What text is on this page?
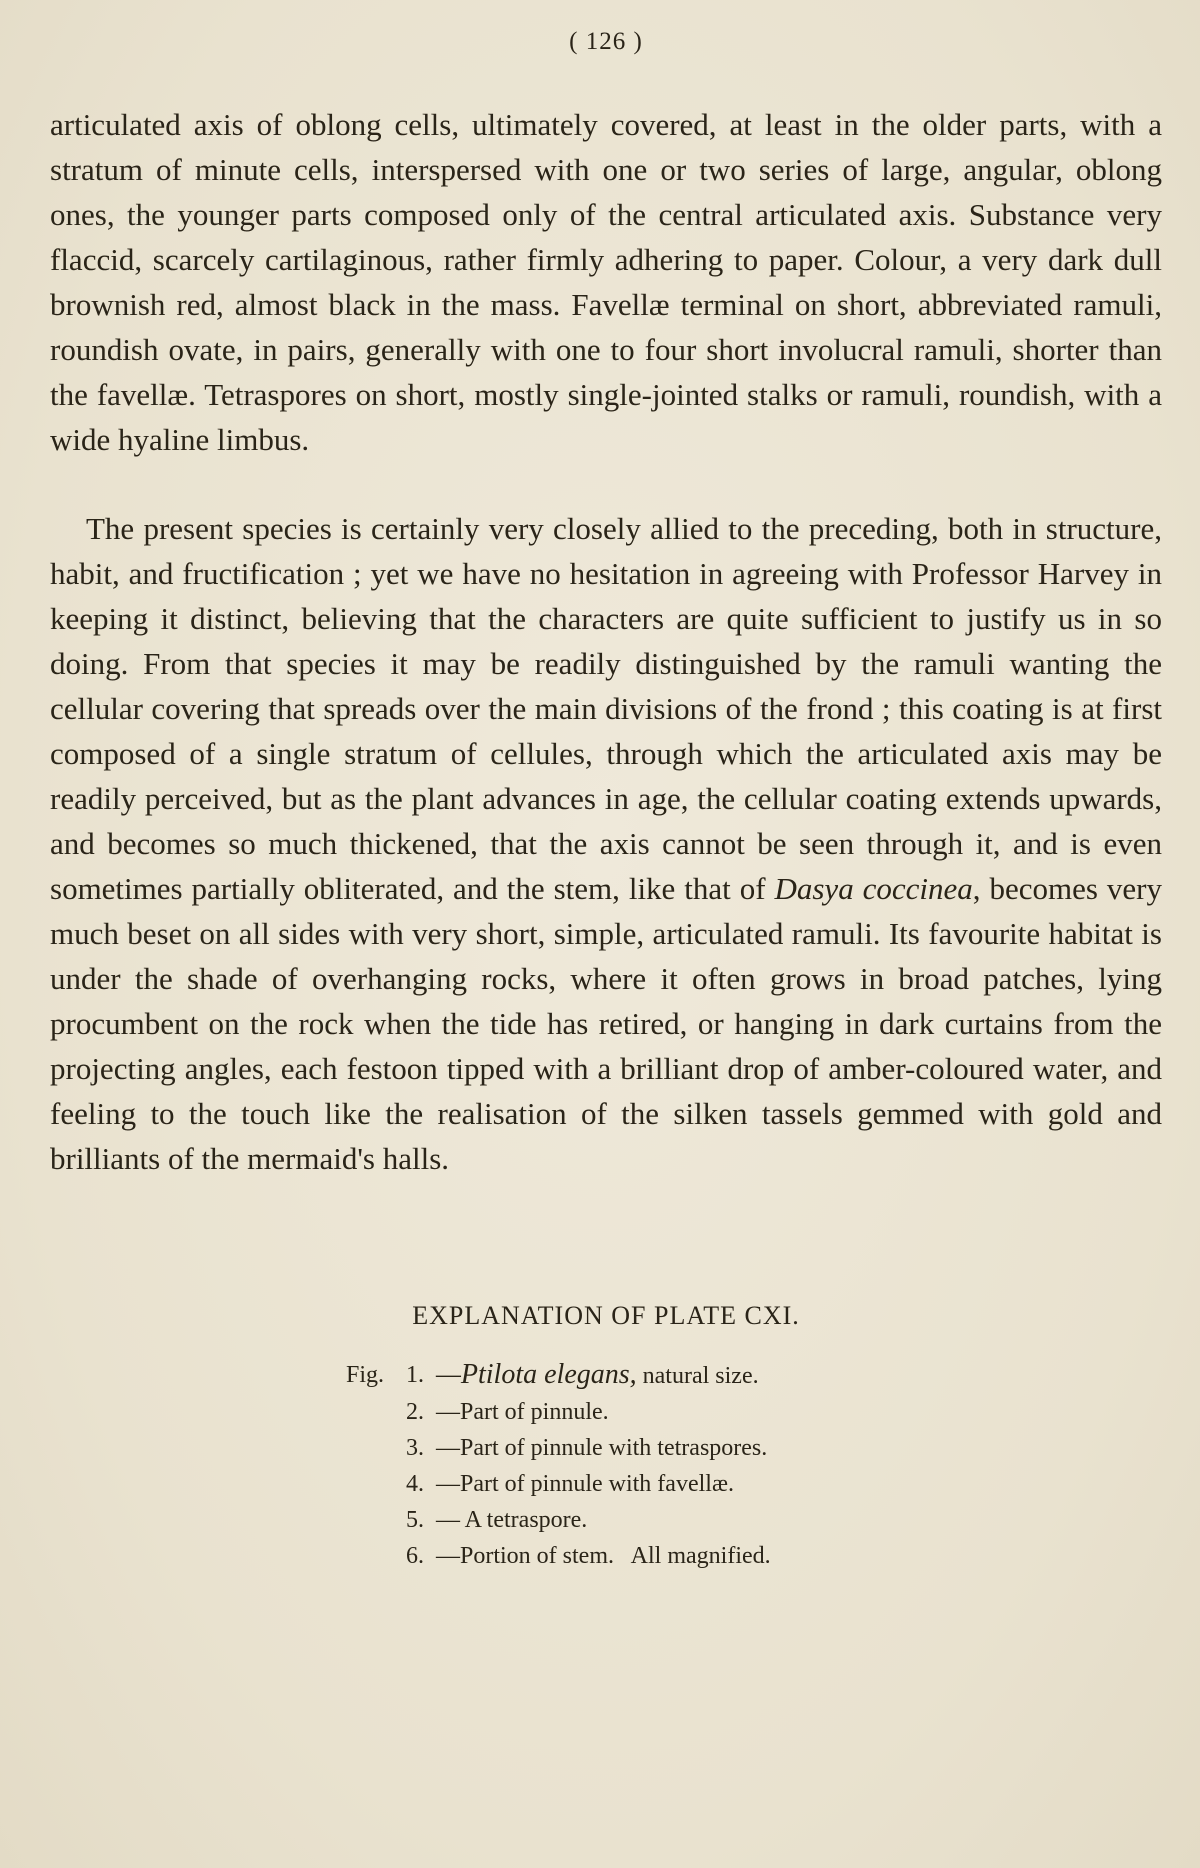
( 126 )

articulated axis of oblong cells, ultimately covered, at least in the older parts, with a stratum of minute cells, interspersed with one or two series of large, angular, oblong ones, the younger parts composed only of the central articulated axis. Substance very flaccid, scarcely cartilaginous, rather firmly adhering to paper. Colour, a very dark dull brownish red, almost black in the mass. Favellæ terminal on short, abbreviated ramuli, roundish ovate, in pairs, generally with one to four short involucral ramuli, shorter than the favellæ. Tetraspores on short, mostly single-jointed stalks or ramuli, roundish, with a wide hyaline limbus.

The present species is certainly very closely allied to the preceding, both in structure, habit, and fructification ; yet we have no hesitation in agreeing with Professor Harvey in keeping it distinct, believing that the characters are quite sufficient to justify us in so doing. From that species it may be readily distinguished by the ramuli wanting the cellular covering that spreads over the main divisions of the frond ; this coating is at first composed of a single stratum of cellules, through which the articulated axis may be readily perceived, but as the plant advances in age, the cellular coating extends upwards, and becomes so much thickened, that the axis cannot be seen through it, and is even sometimes partially obliterated, and the stem, like that of Dasya coccinea, becomes very much beset on all sides with very short, simple, articulated ramuli. Its favourite habitat is under the shade of overhanging rocks, where it often grows in broad patches, lying procumbent on the rock when the tide has retired, or hanging in dark curtains from the projecting angles, each festoon tipped with a brilliant drop of amber-coloured water, and feeling to the touch like the realisation of the silken tassels gemmed with gold and brilliants of the mermaid's halls.

EXPLANATION OF PLATE CXI.
Fig. 1. —Ptilota elegans, natural size.
2. —Part of pinnule.
3. —Part of pinnule with tetraspores.
4. —Part of pinnule with favellæ.
5. — A tetraspore.
6. —Portion of stem.   All magnified.
